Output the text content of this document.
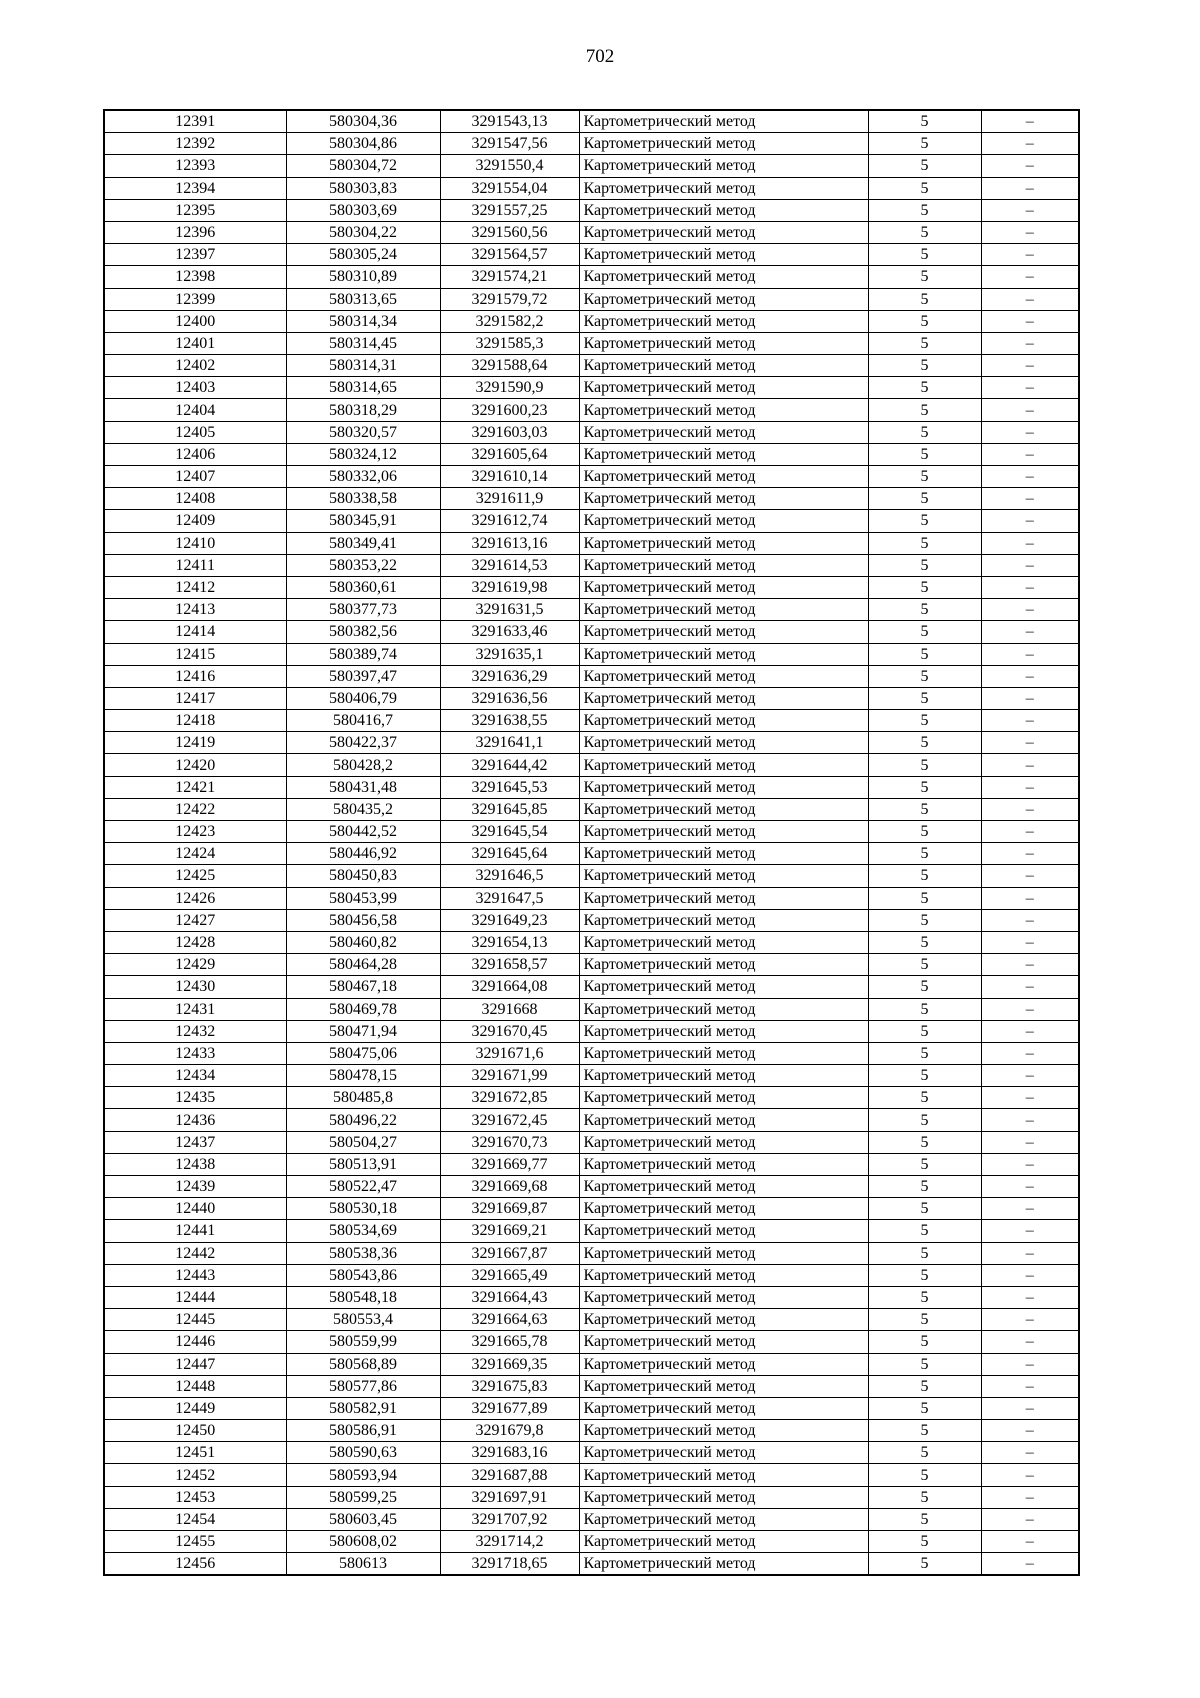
702
12391	580304,36	3291543,13	Картометрический метод	5	–
12392	580304,86	3291547,56	Картометрический метод	5	–
12393	580304,72	3291550,4	Картометрический метод	5	–
12394	580303,83	3291554,04	Картометрический метод	5	–
12395	580303,69	3291557,25	Картометрический метод	5	–
12396	580304,22	3291560,56	Картометрический метод	5	–
12397	580305,24	3291564,57	Картометрический метод	5	–
12398	580310,89	3291574,21	Картометрический метод	5	–
12399	580313,65	3291579,72	Картометрический метод	5	–
12400	580314,34	3291582,2	Картометрический метод	5	–
12401	580314,45	3291585,3	Картометрический метод	5	–
12402	580314,31	3291588,64	Картометрический метод	5	–
12403	580314,65	3291590,9	Картометрический метод	5	–
12404	580318,29	3291600,23	Картометрический метод	5	–
12405	580320,57	3291603,03	Картометрический метод	5	–
12406	580324,12	3291605,64	Картометрический метод	5	–
12407	580332,06	3291610,14	Картометрический метод	5	–
12408	580338,58	3291611,9	Картометрический метод	5	–
12409	580345,91	3291612,74	Картометрический метод	5	–
12410	580349,41	3291613,16	Картометрический метод	5	–
12411	580353,22	3291614,53	Картометрический метод	5	–
12412	580360,61	3291619,98	Картометрический метод	5	–
12413	580377,73	3291631,5	Картометрический метод	5	–
12414	580382,56	3291633,46	Картометрический метод	5	–
12415	580389,74	3291635,1	Картометрический метод	5	–
12416	580397,47	3291636,29	Картометрический метод	5	–
12417	580406,79	3291636,56	Картометрический метод	5	–
12418	580416,7	3291638,55	Картометрический метод	5	–
12419	580422,37	3291641,1	Картометрический метод	5	–
12420	580428,2	3291644,42	Картометрический метод	5	–
12421	580431,48	3291645,53	Картометрический метод	5	–
12422	580435,2	3291645,85	Картометрический метод	5	–
12423	580442,52	3291645,54	Картометрический метод	5	–
12424	580446,92	3291645,64	Картометрический метод	5	–
12425	580450,83	3291646,5	Картометрический метод	5	–
12426	580453,99	3291647,5	Картометрический метод	5	–
12427	580456,58	3291649,23	Картометрический метод	5	–
12428	580460,82	3291654,13	Картометрический метод	5	–
12429	580464,28	3291658,57	Картометрический метод	5	–
12430	580467,18	3291664,08	Картометрический метод	5	–
12431	580469,78	3291668	Картометрический метод	5	–
12432	580471,94	3291670,45	Картометрический метод	5	–
12433	580475,06	3291671,6	Картометрический метод	5	–
12434	580478,15	3291671,99	Картометрический метод	5	–
12435	580485,8	3291672,85	Картометрический метод	5	–
12436	580496,22	3291672,45	Картометрический метод	5	–
12437	580504,27	3291670,73	Картометрический метод	5	–
12438	580513,91	3291669,77	Картометрический метод	5	–
12439	580522,47	3291669,68	Картометрический метод	5	–
12440	580530,18	3291669,87	Картометрический метод	5	–
12441	580534,69	3291669,21	Картометрический метод	5	–
12442	580538,36	3291667,87	Картометрический метод	5	–
12443	580543,86	3291665,49	Картометрический метод	5	–
12444	580548,18	3291664,43	Картометрический метод	5	–
12445	580553,4	3291664,63	Картометрический метод	5	–
12446	580559,99	3291665,78	Картометрический метод	5	–
12447	580568,89	3291669,35	Картометрический метод	5	–
12448	580577,86	3291675,83	Картометрический метод	5	–
12449	580582,91	3291677,89	Картометрический метод	5	–
12450	580586,91	3291679,8	Картометрический метод	5	–
12451	580590,63	3291683,16	Картометрический метод	5	–
12452	580593,94	3291687,88	Картометрический метод	5	–
12453	580599,25	3291697,91	Картометрический метод	5	–
12454	580603,45	3291707,92	Картометрический метод	5	–
12455	580608,02	3291714,2	Картометрический метод	5	–
12456	580613	3291718,65	Картометрический метод	5	–
